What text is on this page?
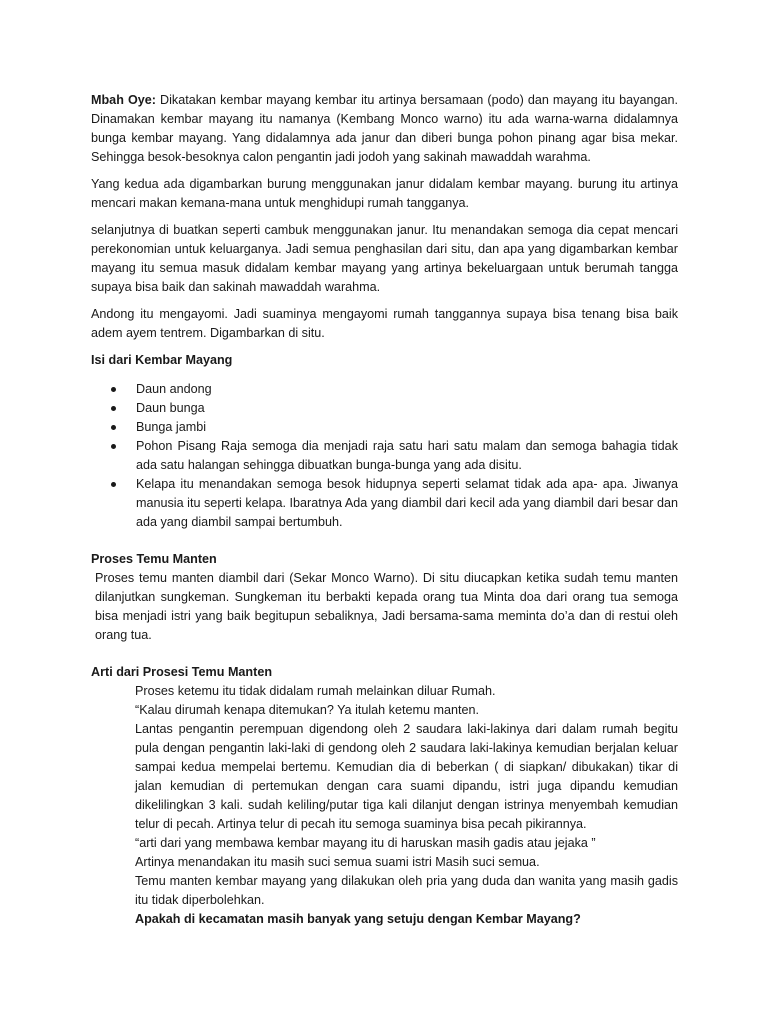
Mbah Oye: Dikatakan kembar mayang kembar itu artinya bersamaan (podo) dan mayang itu bayangan. Dinamakan kembar mayang itu namanya (Kembang Monco warno) itu ada warna-warna didalamnya bunga kembar mayang. Yang didalamnya ada janur dan diberi bunga pohon pinang agar bisa mekar. Sehingga besok-besoknya calon pengantin jadi jodoh yang sakinah mawaddah warahma.

Yang kedua ada digambarkan burung menggunakan janur didalam kembar mayang. burung itu artinya mencari makan kemana-mana untuk menghidupi rumah tangganya.

selanjutnya di buatkan seperti cambuk menggunakan janur. Itu menandakan semoga dia cepat mencari perekonomian untuk keluarganya. Jadi semua penghasilan dari situ, dan apa yang digambarkan kembar mayang itu semua masuk didalam kembar mayang yang artinya bekeluargaan untuk berumah tangga supaya bisa baik dan sakinah mawaddah warahma.

Andong itu mengayomi. Jadi suaminya mengayomi rumah tanggannya supaya bisa tenang bisa baik adem ayem tentrem. Digambarkan di situ.

Isi dari Kembar Mayang

Daun andong
Daun bunga
Bunga jambi
Pohon Pisang Raja semoga dia menjadi raja satu hari satu malam dan semoga bahagia tidak ada satu halangan sehingga dibuatkan bunga-bunga yang ada disitu.
Kelapa itu menandakan semoga besok hidupnya seperti selamat tidak ada apa- apa. Jiwanya manusia itu seperti kelapa. Ibaratnya Ada yang diambil dari kecil ada yang diambil dari besar dan ada yang diambil sampai bertumbuh.

Proses Temu Manten

Proses temu manten diambil dari (Sekar Monco Warno). Di situ diucapkan ketika sudah temu manten dilanjutkan sungkeman. Sungkeman itu berbakti kepada orang tua Minta doa dari orang tua semoga bisa menjadi istri yang baik begitupun sebaliknya, Jadi bersama-sama meminta do’a dan di restui oleh orang tua.

Arti dari Prosesi Temu Manten

Proses ketemu itu tidak didalam rumah melainkan diluar Rumah.

“Kalau dirumah kenapa ditemukan? Ya itulah ketemu manten.

Lantas pengantin perempuan digendong oleh 2 saudara laki-lakinya dari dalam rumah begitu pula dengan pengantin laki-laki di gendong oleh 2 saudara laki-lakinya kemudian berjalan keluar sampai kedua mempelai bertemu. Kemudian dia di beberkan ( di siapkan/ dibukakan) tikar di jalan kemudian di pertemukan dengan cara suami dipandu, istri juga dipandu kemudian dikelilingkan 3 kali. sudah keliling/putar tiga kali dilanjut dengan istrinya menyembah kemudian telur di pecah. Artinya telur di pecah itu semoga suaminya bisa pecah pikirannya.

“arti dari yang membawa kembar mayang itu di haruskan masih gadis atau jejaka ”

Artinya menandakan itu masih suci semua suami istri Masih suci semua.

Temu manten kembar mayang yang dilakukan oleh pria yang duda dan wanita yang masih gadis itu tidak diperbolehkan.

Apakah di kecamatan masih banyak yang setuju dengan Kembar Mayang?
